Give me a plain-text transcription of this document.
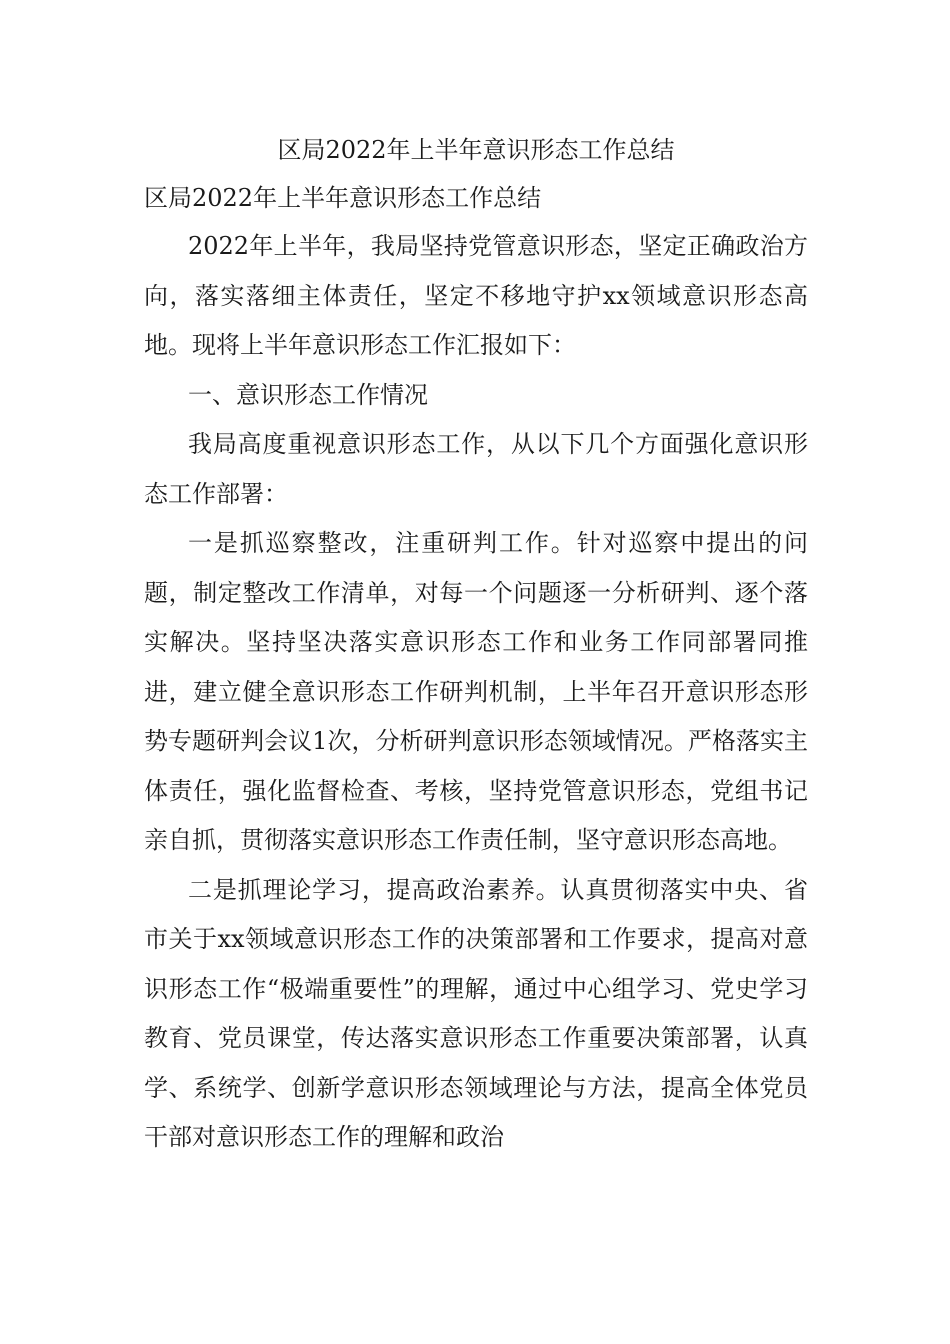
区局2022年上半年意识形态工作总结
区局2022年上半年意识形态工作总结

2022年上半年，我局坚持党管意识形态，坚定正确政治方向，落实落细主体责任，坚定不移地守护xx领域意识形态高地。现将上半年意识形态工作汇报如下：

一、意识形态工作情况

我局高度重视意识形态工作，从以下几个方面强化意识形态工作部署：

一是抓巡察整改，注重研判工作。针对巡察中提出的问题，制定整改工作清单，对每一个问题逐一分析研判、逐个落实解决。坚持坚决落实意识形态工作和业务工作同部署同推进，建立健全意识形态工作研判机制，上半年召开意识形态形势专题研判会议1次，分析研判意识形态领域情况。严格落实主体责任，强化监督检查、考核，坚持党管意识形态，党组书记亲自抓，贯彻落实意识形态工作责任制，坚守意识形态高地。

二是抓理论学习，提高政治素养。认真贯彻落实中央、省市关于xx领域意识形态工作的决策部署和工作要求，提高对意识形态工作“极端重要性”的理解，通过中心组学习、党史学习教育、党员课堂，传达落实意识形态工作重要决策部署，认真学、系统学、创新学意识形态领域理论与方法，提高全体党员干部对意识形态工作的理解和政治
